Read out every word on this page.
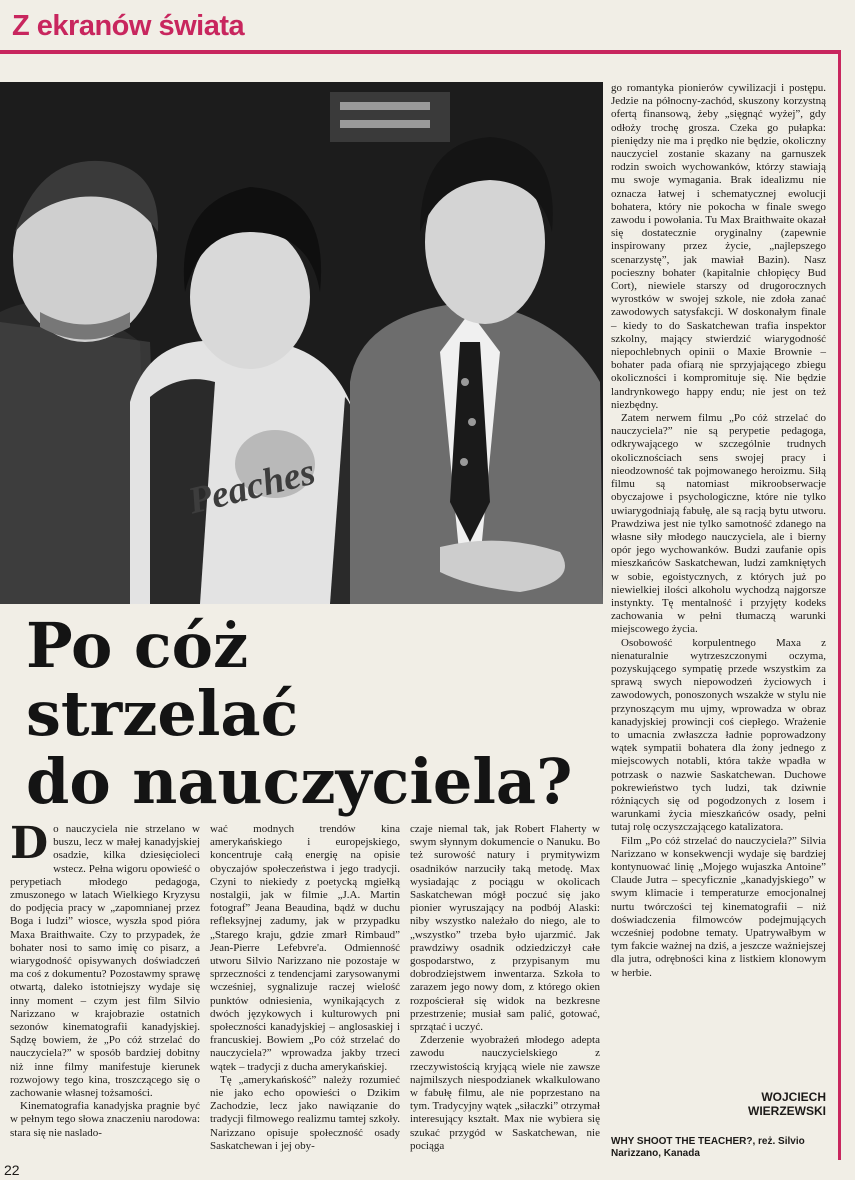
Z ekranów świata
Peaches
Po cóż
strzelać
do nauczyciela?

Do nauczyciela nie strzelano w buszu, lecz w małej kanadyjskiej osadzie, kilka dziesięcioleci wstecz. Pełna wigoru opowieść o perypetiach młodego pedagoga, zmuszonego w latach Wielkiego Kryzysu do podjęcia pracy w „zapomnianej przez Boga i ludzi” wiosce, wyszła spod pióra Maxa Braithwaite. Czy to przypadek, że bohater nosi to samo imię co pisarz, a wiarygodność opisywanych doświadczeń ma coś z dokumentu? Pozostawmy sprawę otwartą, daleko istotniejszy wydaje się inny moment – czym jest film Silvio Narizzano w krajobrazie ostatnich sezonów kinematografii kanadyjskiej. Sądzę bowiem, że „Po cóż strzelać do nauczyciela?” w sposób bardziej dobitny niż inne filmy manifestuje kierunek rozwojowy tego kina, troszczącego się o zachowanie własnej tożsamości.

Kinematografia kanadyjska pragnie być w pełnym tego słowa znaczeniu narodowa: stara się nie naslado-

wać modnych trendów kina amerykańskiego i europejskiego, koncentruje całą energię na opisie obyczajów społeczeństwa i jego tradycji. Czyni to niekiedy z poetycką mgiełką nostalgii, jak w filmie „J.A. Martin fotograf” Jeana Beaudina, bądź w duchu refleksyjnej zadumy, jak w przypadku „Starego kraju, gdzie zmarł Rimbaud” Jean-Pierre Lefebvre'a. Odmienność utworu Silvio Narizzano nie pozostaje w sprzeczności z tendencjami zarysowanymi wcześniej, sygnalizuje raczej wielość punktów odniesienia, wynikających z dwóch językowych i kulturowych pni społeczności kanadyjskiej – anglosaskiej i francuskiej. Bowiem „Po cóż strzelać do nauczyciela?” wprowadza jakby trzeci wątek – tradycji z ducha amerykańskiej.

Tę „amerykańskość” należy rozumieć nie jako echo opowieści o Dzikim Zachodzie, lecz jako nawiązanie do tradycji filmowego realizmu tamtej szkoły. Narizzano opisuje społeczność osady Saskatchewan i jej oby-

czaje niemal tak, jak Robert Flaherty w swym słynnym dokumencie o Nanuku. Bo też surowość natury i prymitywizm osadników narzuciły taką metodę. Max wysiadając z pociągu w okolicach Saskatchewan mógł poczuć się jako pionier wyruszający na podbój Alaski: niby wszystko należało do niego, ale to „wszystko” trzeba było ujarzmić. Jak prawdziwy osadnik odziedziczył całe gospodarstwo, z przypisanym mu dobrodziejstwem inwentarza. Szkoła to zarazem jego nowy dom, z którego okien rozpościerał się widok na bezkresne przestrzenie; musiał sam palić, gotować, sprzątać i uczyć.

Zderzenie wyobrażeń młodego adepta zawodu nauczycielskiego z rzeczywistością kryjącą wiele nie zawsze najmilszych niespodzianek wkalkulowano w fabułę filmu, ale nie poprzestano na tym. Tradycyjny wątek „siłaczki” otrzymał interesujący kształt. Max nie wybiera się szukać przygód w Saskatchewan, nie pociąga

go romantyka pionierów cywilizacji i postępu. Jedzie na północny-zachód, skuszony korzystną ofertą finansową, żeby „sięgnąć wyżej”, gdy odłoży trochę grosza. Czeka go pułapka: pieniędzy nie ma i prędko nie będzie, okoliczny nauczyciel zostanie skazany na garnuszek rodzin swoich wychowanków, którzy stawiają mu swoje wymagania. Brak idealizmu nie oznacza łatwej i schematycznej ewolucji bohatera, który nie pokocha w finale swego zawodu i powołania. Tu Max Braithwaite okazał się dostatecznie oryginalny (zapewnie inspirowany przez życie, „najlepszego scenarzystę”, jak mawiał Bazin). Nasz pociesznу bohater (kapitalnie chłopięcy Bud Cort), niewiele starszy od drugorocznych wyrostków w swojej szkole, nie zdoła zanać zawodowych satysfakcji. W doskonałym finale – kiedy to do Saskatchewan trafia inspektor szkolny, mający stwierdzić wiarygodność niepochlebnych opinii o Maxie Brownie – bohater pada ofiarą nie sprzyjającego zbiegu okoliczności i kompromituje się. Nie będzie landrynkowego happy endu; nie jest on też niezbędny.

Zatem nerwem filmu „Po cóż strzelać do nauczyciela?” nie są perypetie pedagoga, odkrywającego w szczególnie trudnych okolicznościach sens swojej pracy i nieodzowność tak pojmowanego heroizmu. Siłą filmu są natomiast mikroobserwacje obyczajowe i psychologiczne, które nie tylko uwiarygodniają fabułę, ale są racją bytu utworu. Prawdziwa jest nie tylko samotność zdanego na własne siły młodego nauczyciela, ale i bierny opór jego wychowanków. Budzi zaufanie opis mieszkańców Saskatchewan, ludzi zamkniętych w sobie, egoistycznych, z których już po niewielkiej ilości alkoholu wychodzą najgorsze instynkty. Tę mentalność i przyjęty kodeks zachowania w pełni tłumaczą warunki miejscowego życia.

Osobowość korpulentnego Maxa z nienaturalnie wytrzeszczonymi oczyma, pozyskującego sympatię przede wszystkim za sprawą swych niepowodzeń życiowych i zawodowych, ponoszonych wszakże w stylu nie przynoszącym mu ujmy, wprowadza w obraz kanadyjskiej prowincji coś ciepłego. Wrażenie to umacnia zwłaszcza ładnie poprowadzony wątek sympatii bohatera dla żony jednego z miejscowych notabli, która także wpadła w potrzask o nazwie Saskatchewan. Duchowe pokrewieństwo tych ludzi, tak dziwnie różniących się od pogodzonych z losem i warunkami życia mieszkańców osady, pełni tutaj rolę oczyszczającego katalizatora.

Film „Po cóż strzelać do nauczyciela?” Silvia Narizzano w konsekwencji wydaje się bardziej kontynuować linię „Mojego wujaszka Antoine” Claude Jutra – specyficznie „kanadyjskiego” w swym klimacie i temperaturze emocjonalnej nurtu twórczości tej kinematografii – niż doświadczenia filmowców podejmujących wcześniej podobne tematy. Upatrywałbym w tym fakcie ważnej na dziś, a jeszcze ważniejszej dla jutra, odrębności kina z listkiem klonowym w herbie.

WOJCIECH
WIERZEWSKI
WHY SHOOT THE TEACHER?, reż. Silvio Narizzano, Kanada
22
